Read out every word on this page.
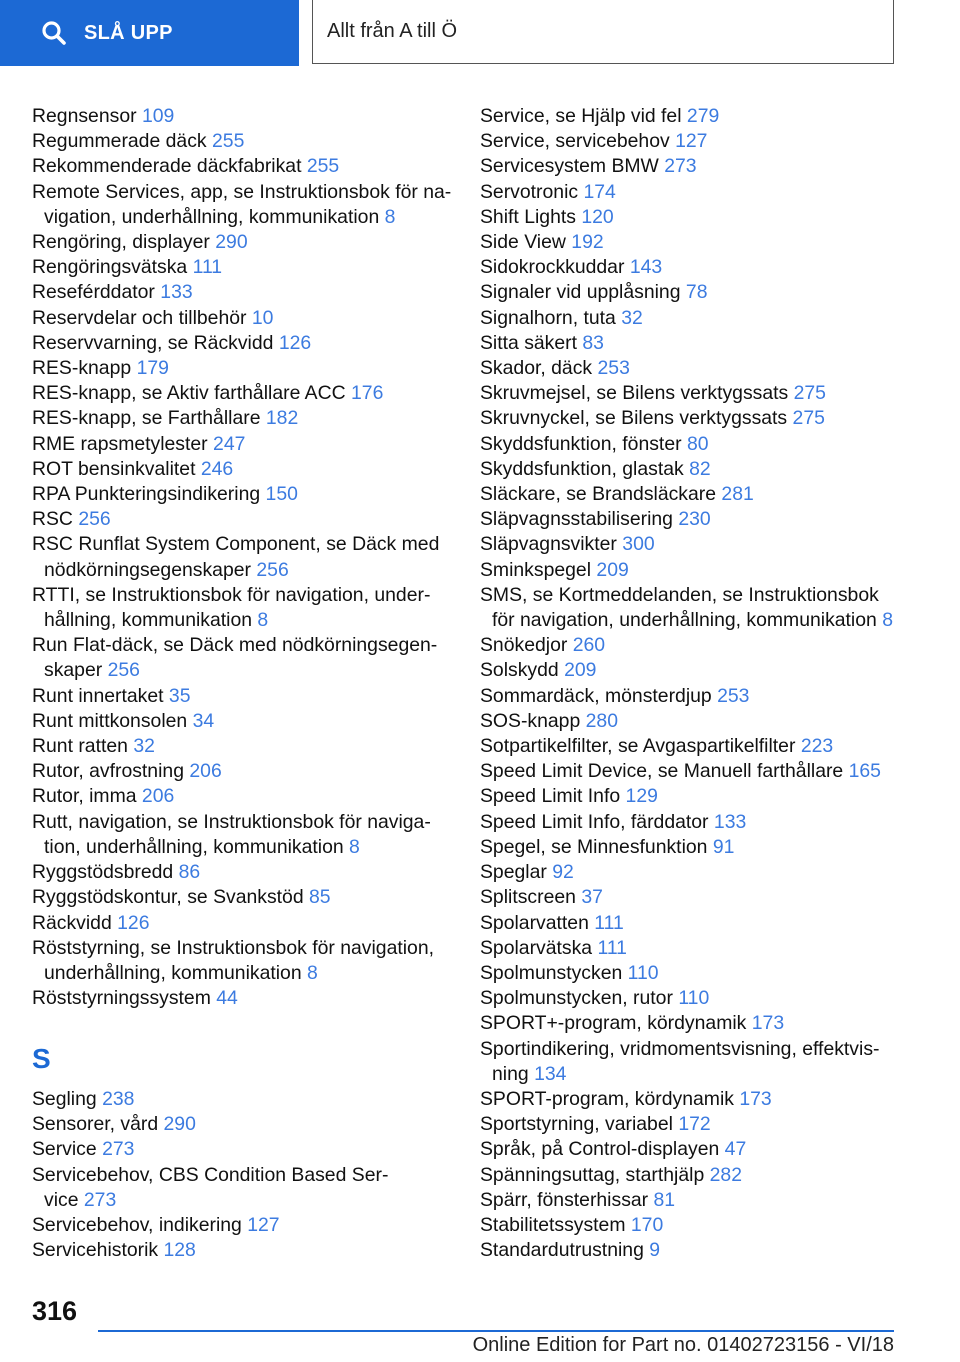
SLÅ UPP	Allt från A till Ö
Regnsensor 109
Regummerade däck 255
Rekommenderade däckfabrikat 255
Remote Services, app, se Instruktionsbok för na-
vigation, underhållning, kommunikation 8
Rengöring, displayer 290
Rengöringsvätska 111
Reseférddator 133
Reservdelar och tillbehör 10
Reservvarning, se Räckvidd 126
RES-knapp 179
RES-knapp, se Aktiv farthållare ACC 176
RES-knapp, se Farthållare 182
RME rapsmetylester 247
ROT bensinkvalitet 246
RPA Punkteringsindikering 150
RSC 256
RSC Runflat System Component, se Däck med
nödkörningsegenskaper 256
RTTI, se Instruktionsbok för navigation, under-
hållning, kommunikation 8
Run Flat-däck, se Däck med nödkörningsegen-
skaper 256
Runt innertaket 35
Runt mittkonsolen 34
Runt ratten 32
Rutor, avfrostning 206
Rutor, imma 206
Rutt, navigation, se Instruktionsbok för naviga-
tion, underhållning, kommunikation 8
Ryggstödsbredd 86
Ryggstödskontur, se Svankstöd 85
Räckvidd 126
Röststyrning, se Instruktionsbok för navigation,
underhållning, kommunikation 8
Röststyrningssystem 44
S
Segling 238
Sensorer, vård 290
Service 273
Servicebehov, CBS Condition Based Ser-
vice 273
Servicebehov, indikering 127
Servicehistorik 128
Service, se Hjälp vid fel 279
Service, servicebehov 127
Servicesystem BMW 273
Servotronic 174
Shift Lights 120
Side View 192
Sidokrockkuddar 143
Signaler vid upplåsning 78
Signalhorn, tuta 32
Sitta säkert 83
Skador, däck 253
Skruvmejsel, se Bilens verktygssats 275
Skruvnyckel, se Bilens verktygssats 275
Skyddsfunktion, fönster 80
Skyddsfunktion, glastak 82
Släckare, se Brandsläckare 281
Släpvagnsstabilisering 230
Släpvagnsvikter 300
Sminkspegel 209
SMS, se Kortmeddelanden, se Instruktionsbok
för navigation, underhållning, kommunikation 8
Snökedjor 260
Solskydd 209
Sommardäck, mönsterdjup 253
SOS-knapp 280
Sotpartikelfilter, se Avgaspartikelfilter 223
Speed Limit Device, se Manuell farthållare 165
Speed Limit Info 129
Speed Limit Info, färddator 133
Spegel, se Minnesfunktion 91
Speglar 92
Splitscreen 37
Spolarvatten 111
Spolarvätska 111
Spolmunstycken 110
Spolmunstycken, rutor 110
SPORT+-program, kördynamik 173
Sportindikering, vridmomentsvisning, effektvis-
ning 134
SPORT-program, kördynamik 173
Sportstyrning, variabel 172
Språk, på Control-displayen 47
Spänningsuttag, starthjälp 282
Spärr, fönsterhissar 81
Stabilitetssystem 170
Standardutrustning 9
316
Online Edition for Part no. 01402723156 - VI/18
